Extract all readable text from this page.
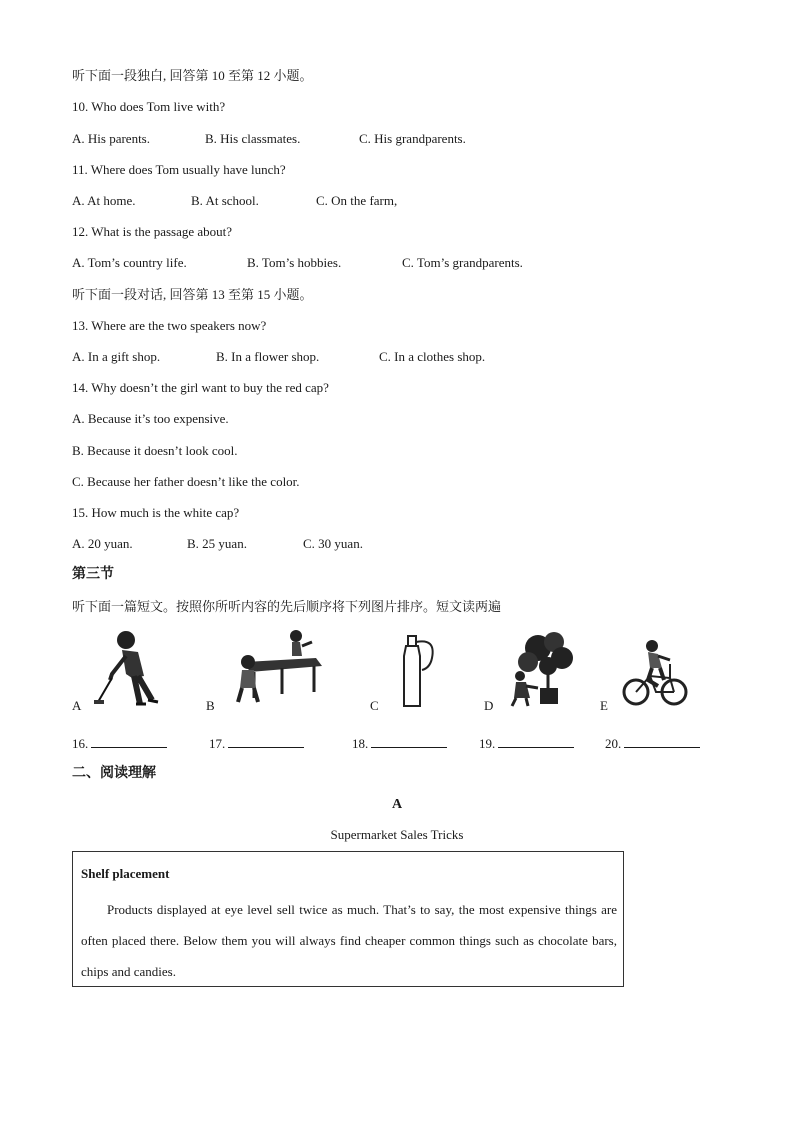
听下面一段独白, 回答第 10 至第 12 小题。
10. Who does Tom live with?
A. His parents.	B. His classmates.	C. His grandparents.
11. Where does Tom usually have lunch?
A. At home.	B. At school.	C. On the farm,
12. What is the passage about?
A. Tom’s country life.	B. Tom’s hobbies.	C. Tom’s grandparents.
听下面一段对话, 回答第 13 至第 15 小题。
13. Where are the two speakers now?
A. In a gift shop.	B. In a flower shop.	C. In a clothes shop.
14. Why doesn’t the girl want to buy the red cap?
A. Because it’s too expensive.
B. Because it doesn’t look cool.
C. Because her father doesn’t like the color.
15. How much is the white cap?
A. 20 yuan.	B. 25 yuan.	C. 30 yuan.
第三节
听下面一篇短文。按照你所听内容的先后顺序将下列图片排序。短文读两遍
A	B	C	D	E
16.	17.	18.	19.	20.
二、阅读理解
A
Supermarket Sales Tricks
Shelf placement
Products displayed at eye level sell twice as much. That’s to say, the most expensive things are often placed there. Below them you will always find cheaper common things such as chocolate bars, chips and candies.
